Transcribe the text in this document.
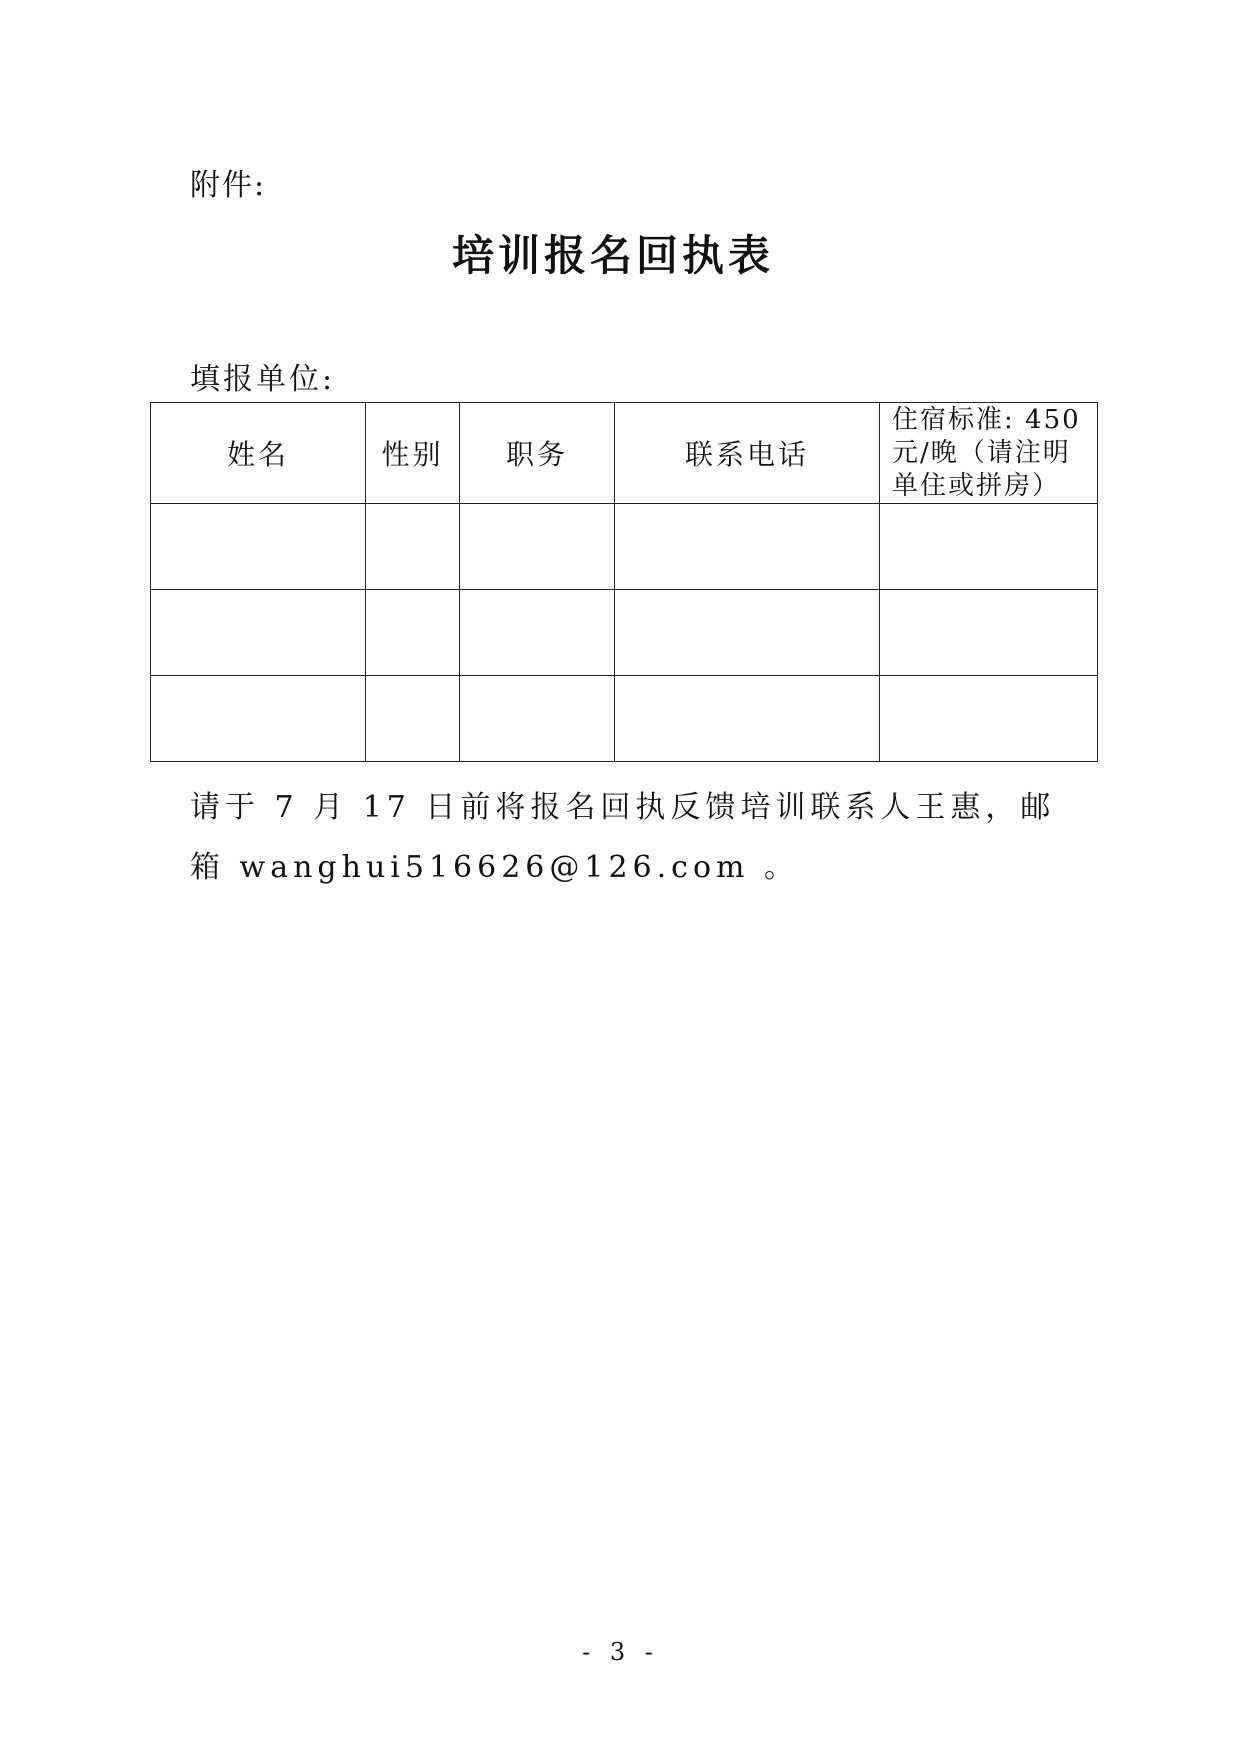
附件:
培训报名回执表
填报单位:
姓名	性别	职务	联系电话	住宿标准: 450元/晚（请注明单住或拼房）

请于 7 月 17 日前将报名回执反馈培训联系人王惠，邮箱 wanghui516626@126.com 。
- 3 -
